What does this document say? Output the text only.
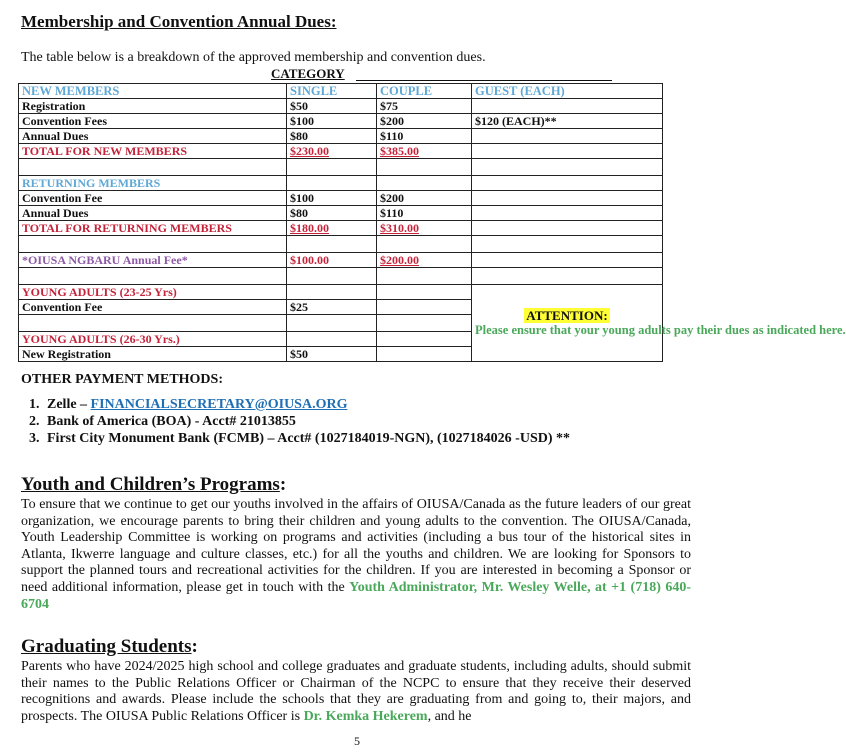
Membership and Convention Annual Dues:
The table below is a breakdown of the approved membership and convention dues.
CATEGORY
NEW MEMBERS	SINGLE	COUPLE	GUEST (EACH)
Registration	$50	$75	
Convention Fees	$100	$200	$120 (EACH)**
Annual Dues	$80	$110	
TOTAL FOR NEW MEMBERS	$230.00	$385.00	

RETURNING MEMBERS			
Convention Fee	$100	$200	
Annual Dues	$80	$110	
TOTAL FOR RETURNING MEMBERS	$180.00	$310.00	

*OIUSA NGBARU Annual Fee*	$100.00	$200.00	

YOUNG ADULTS (23-25 Yrs)			ATTENTION:
Please ensure that your young adults pay their dues as indicated here.

Convention Fee	$25		

YOUNG ADULTS (26-30 Yrs.)			
New Registration	$50		
OTHER PAYMENT METHODS:
1. Zelle – FINANCIALSECRETARY@OIUSA.ORG
2. Bank of America (BOA) - Acct# 21013855
3. First City Monument Bank (FCMB) – Acct# (1027184019-NGN), (1027184026 -USD) **
Youth and Children’s Programs:
To ensure that we continue to get our youths involved in the affairs of OIUSA/Canada as the future leaders of our great organization, we encourage parents to bring their children and young adults to the convention. The OIUSA/Canada, Youth Leadership Committee is working on programs and activities (including a bus tour of the historical sites in Atlanta, Ikwerre language and culture classes, etc.) for all the youths and children. We are looking for Sponsors to support the planned tours and recreational activities for the children. If you are interested in becoming a Sponsor or need additional information, please get in touch with the Youth Administrator, Mr. Wesley Welle, at +1 (718) 640-6704
Graduating Students:
Parents who have 2024/2025 high school and college graduates and graduate students, including adults, should submit their names to the Public Relations Officer or Chairman of the NCPC to ensure that they receive their deserved recognitions and awards. Please include the schools that they are graduating from and going to, their majors, and prospects. The OIUSA Public Relations Officer is Dr. Kemka Hekerem, and he
5
